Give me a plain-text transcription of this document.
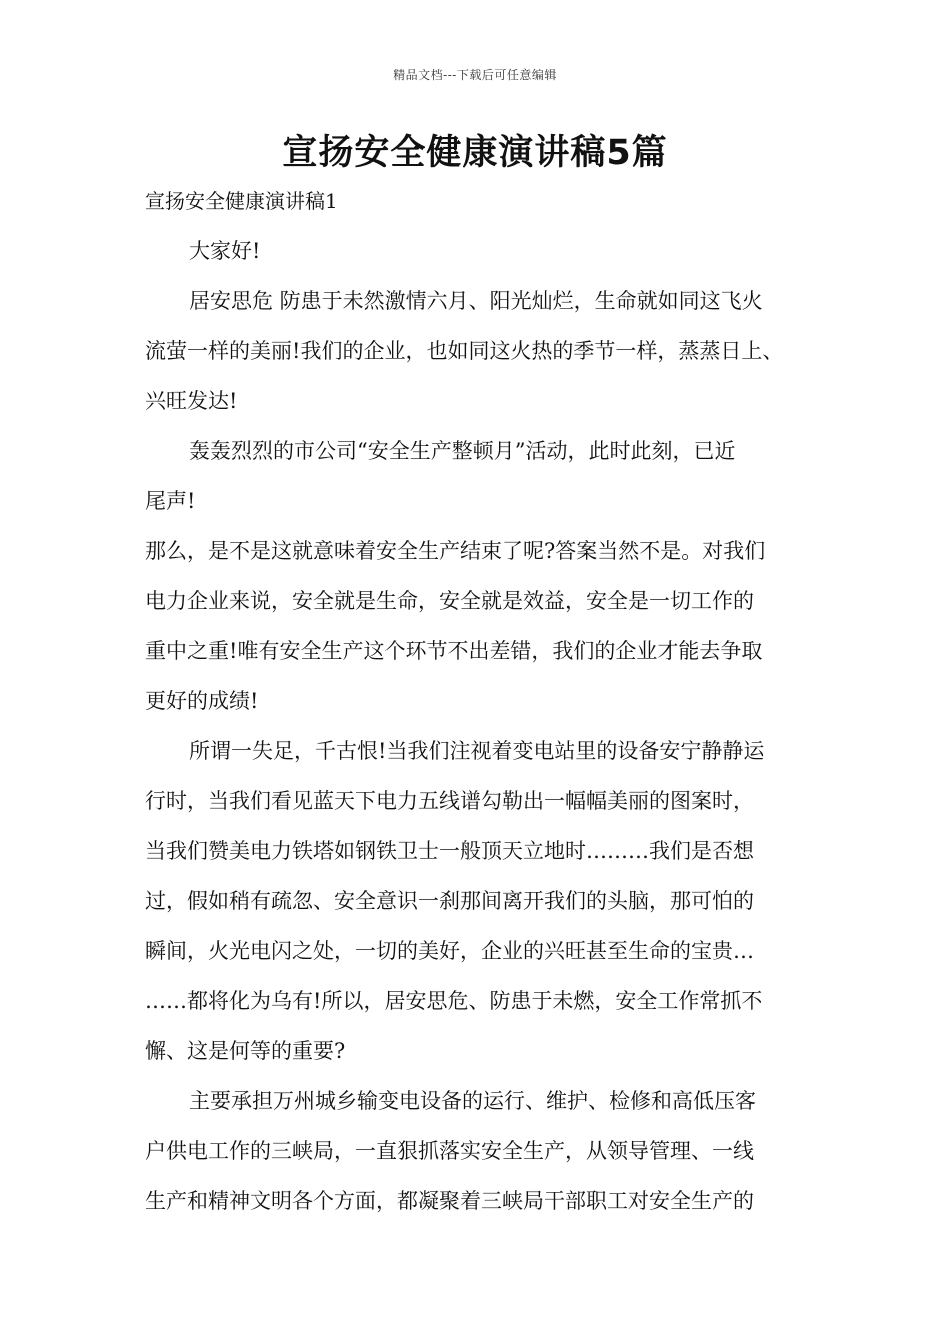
精品文档---下载后可任意编辑
宣扬安全健康演讲稿5篇

宣扬安全健康演讲稿1

大家好!

居安思危 防患于未然激情六月、阳光灿烂，生命就如同这飞火
流萤一样的美丽!我们的企业，也如同这火热的季节一样，蒸蒸日上、
兴旺发达!

轰轰烈烈的市公司“安全生产整顿月”活动，此时此刻，已近
尾声!

那么，是不是这就意味着安全生产结束了呢?答案当然不是。对我们
电力企业来说，安全就是生命，安全就是效益，安全是一切工作的
重中之重!唯有安全生产这个环节不出差错，我们的企业才能去争取
更好的成绩!

所谓一失足，千古恨!当我们注视着变电站里的设备安宁静静运
行时，当我们看见蓝天下电力五线谱勾勒出一幅幅美丽的图案时，
当我们赞美电力铁塔如钢铁卫士一般顶天立地时………我们是否想
过，假如稍有疏忽、安全意识一刹那间离开我们的头脑，那可怕的
瞬间，火光电闪之处，一切的美好，企业的兴旺甚至生命的宝贵…
……都将化为乌有!所以，居安思危、防患于未燃，安全工作常抓不
懈、这是何等的重要?

主要承担万州城乡输变电设备的运行、维护、检修和高低压客
户供电工作的三峡局，一直狠抓落实安全生产，从领导管理、一线
生产和精神文明各个方面，都凝聚着三峡局干部职工对安全生产的
